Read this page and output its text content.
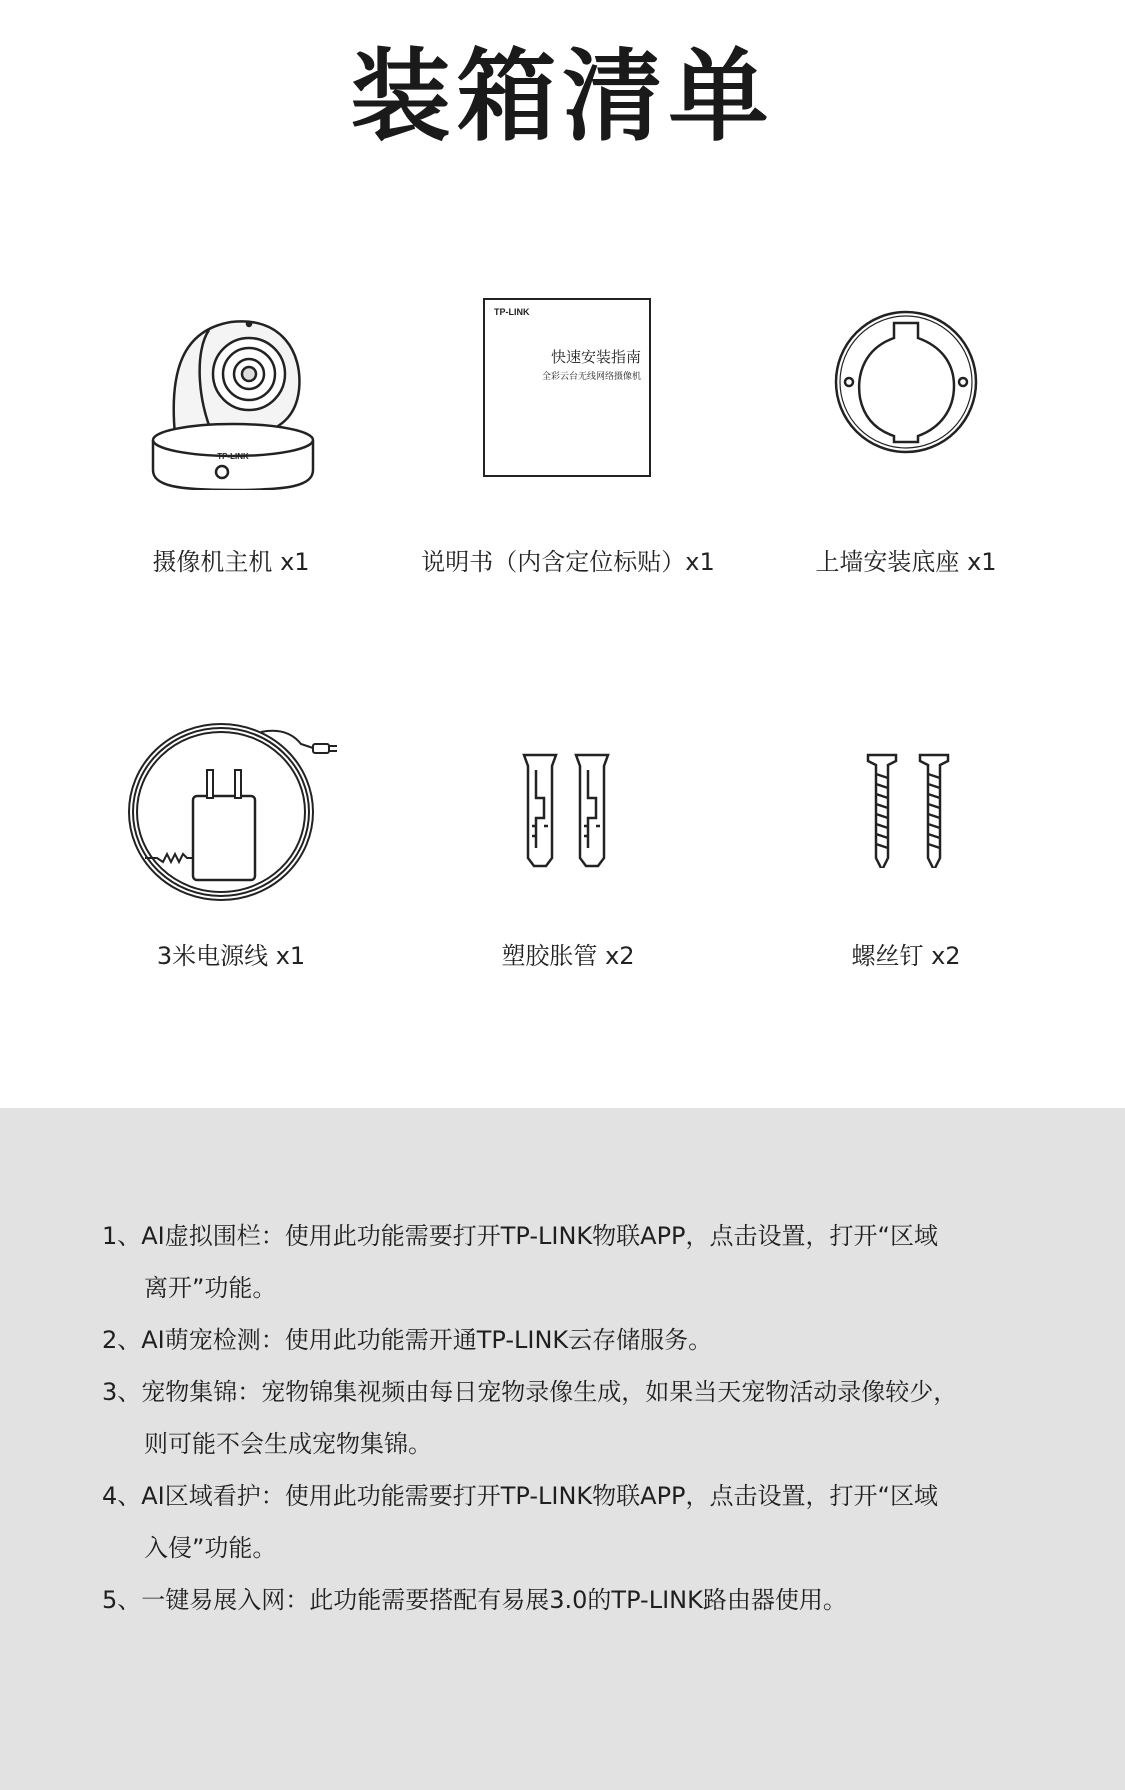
装箱清单
TP-LINK
摄像机主机 x1
TP-LINK
快速安装指南
全彩云台无线网络摄像机
说明书（内含定位标贴）x1	上墙安装底座 x1
3米电源线 x1	塑胶胀管 x2	螺丝钉 x2
1、AI虚拟围栏：使用此功能需要打开TP-LINK物联APP，点击设置，打开“区域
离开”功能。
2、AI萌宠检测：使用此功能需开通TP-LINK云存储服务。
3、宠物集锦：宠物锦集视频由每日宠物录像生成，如果当天宠物活动录像较少，
则可能不会生成宠物集锦。
4、AI区域看护：使用此功能需要打开TP-LINK物联APP，点击设置，打开“区域
入侵”功能。
5、一键易展入网：此功能需要搭配有易展3.0的TP-LINK路由器使用。
